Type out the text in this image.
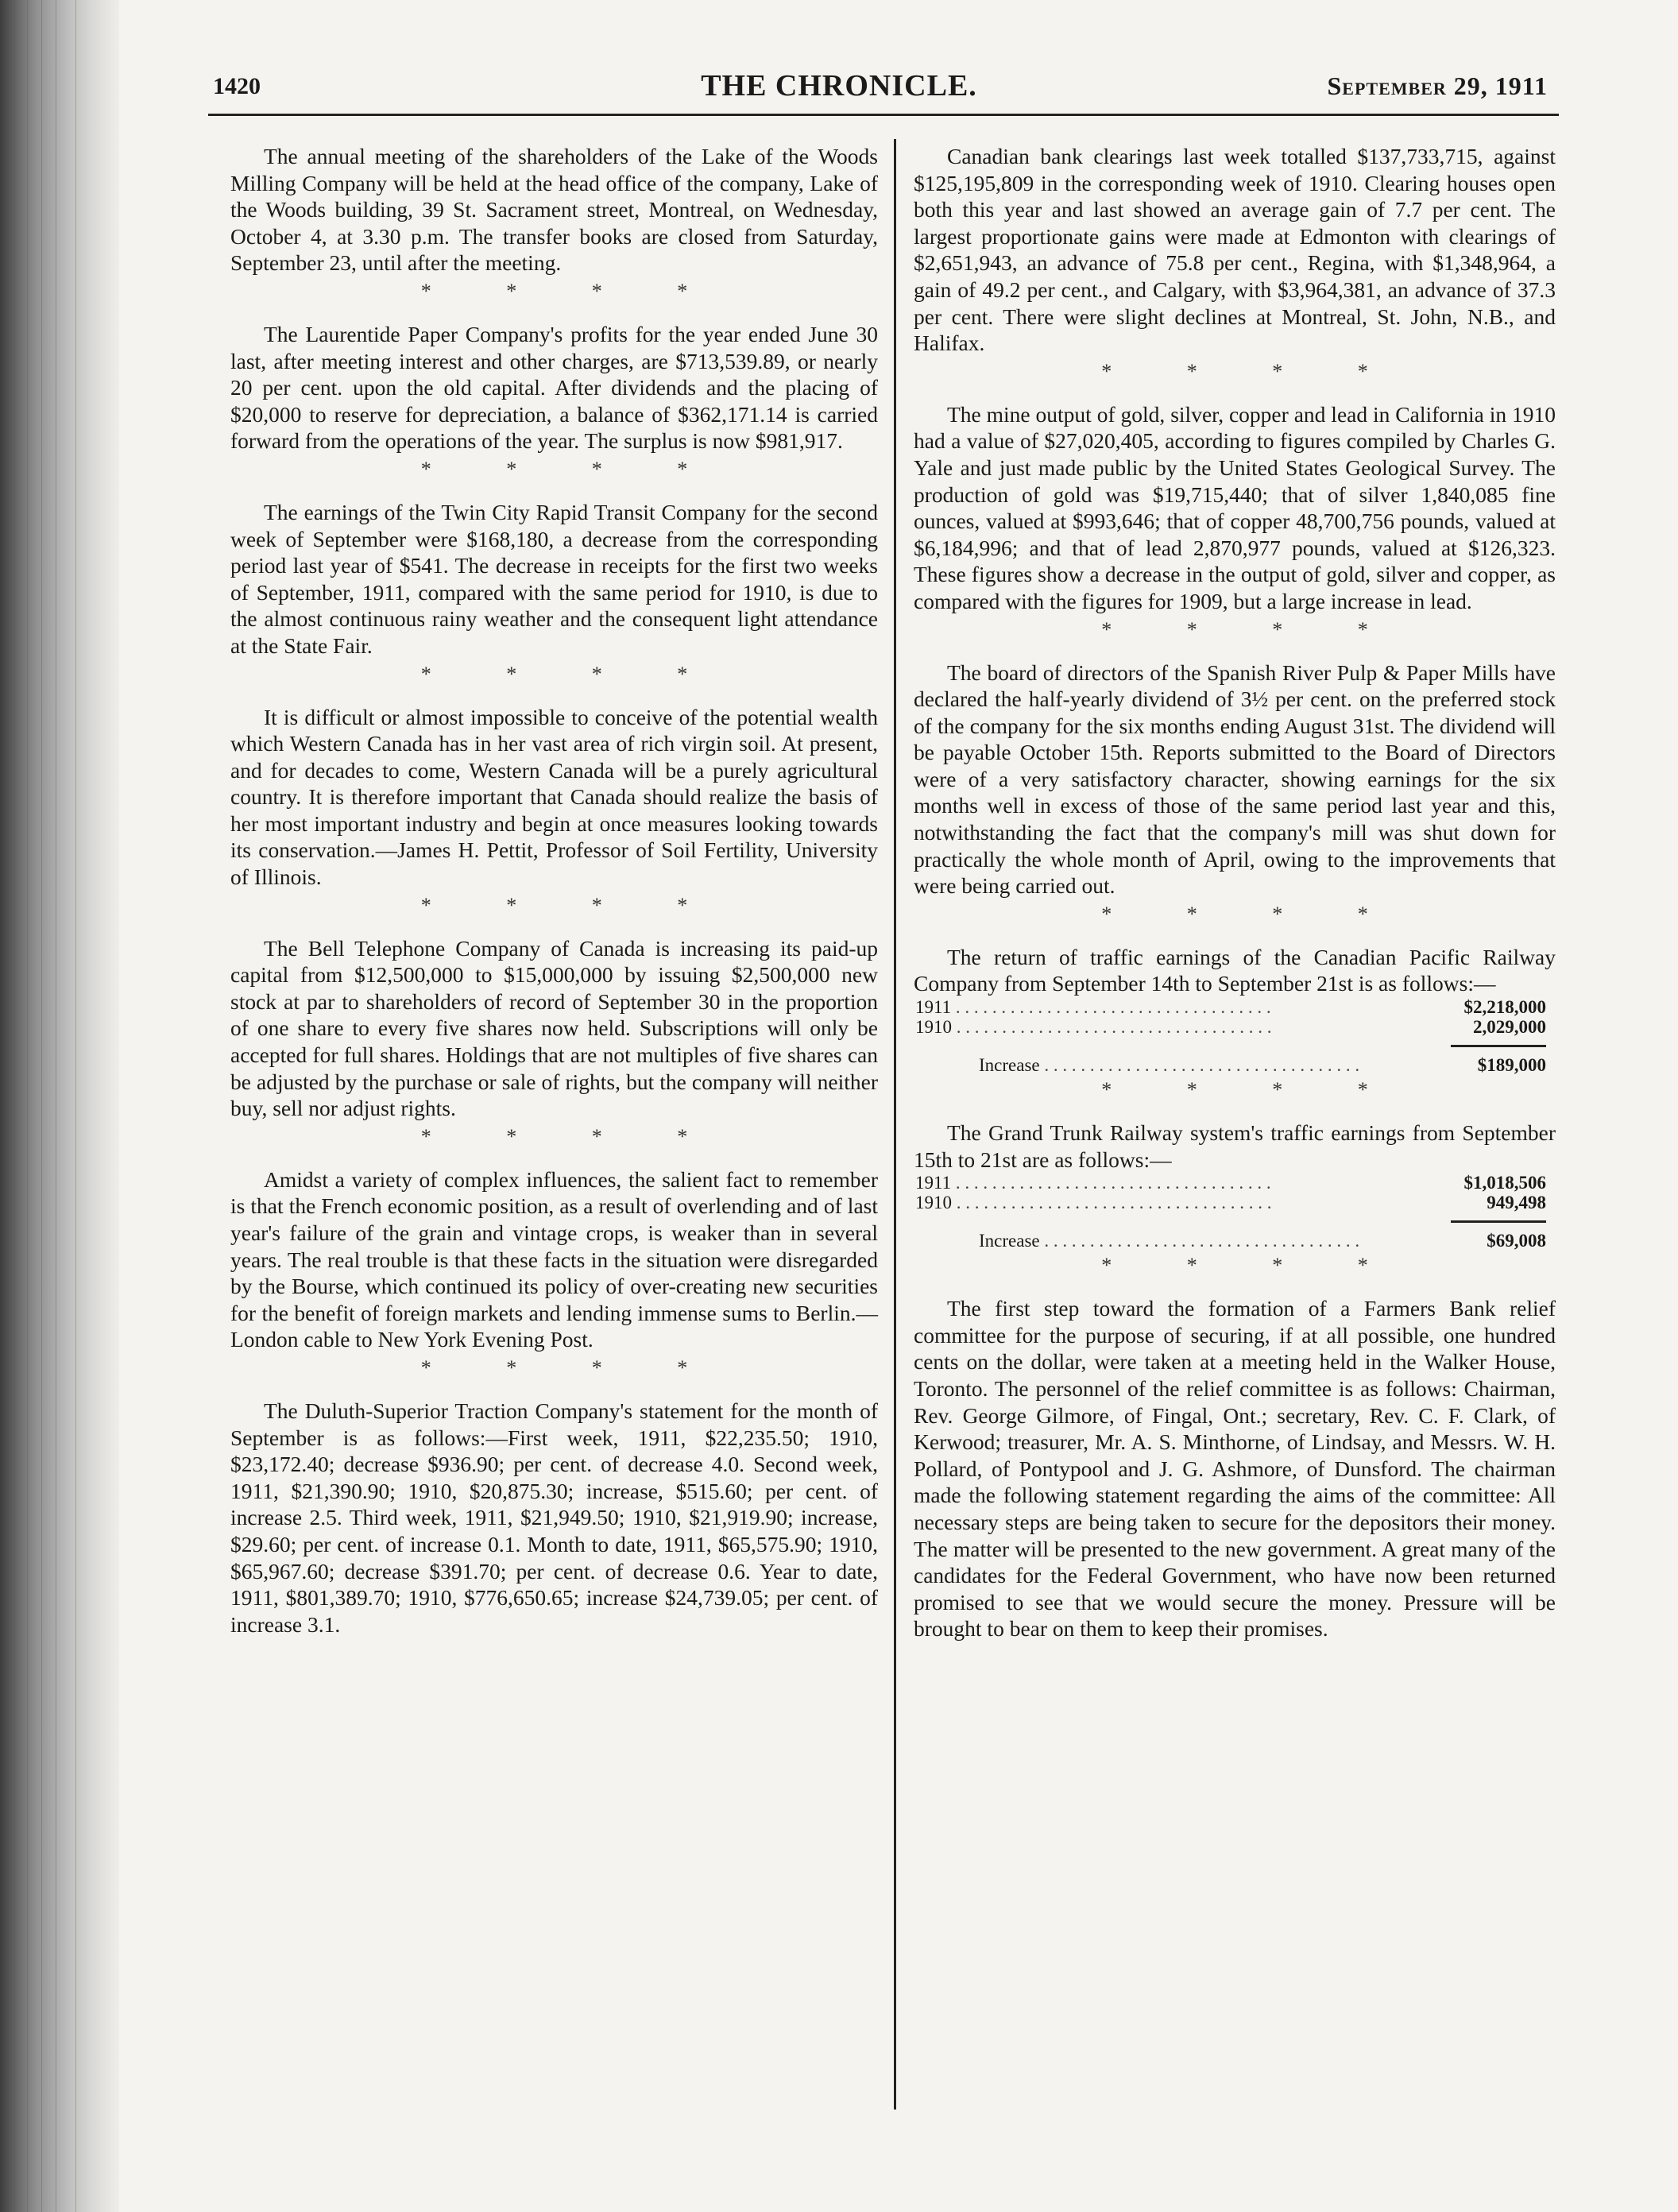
1420	THE CHRONICLE.	September 29, 1911

The annual meeting of the shareholders of the Lake of the Woods Milling Company will be held at the head office of the company, Lake of the Woods building, 39 St. Sacrament street, Montreal, on Wednesday, October 4, at 3.30 p.m. The transfer books are closed from Saturday, September 23, until after the meeting.

* * * *

The Laurentide Paper Company's profits for the year ended June 30 last, after meeting interest and other charges, are $713,539.89, or nearly 20 per cent. upon the old capital. After dividends and the placing of $20,000 to reserve for depreciation, a balance of $362,171.14 is carried forward from the operations of the year. The surplus is now $981,917.

* * * *

The earnings of the Twin City Rapid Transit Company for the second week of September were $168,180, a decrease from the corresponding period last year of $541. The decrease in receipts for the first two weeks of September, 1911, compared with the same period for 1910, is due to the almost continuous rainy weather and the consequent light attendance at the State Fair.

* * * *

It is difficult or almost impossible to conceive of the potential wealth which Western Canada has in her vast area of rich virgin soil. At present, and for decades to come, Western Canada will be a purely agricultural country. It is therefore important that Canada should realize the basis of her most important industry and begin at once measures looking towards its conservation.—James H. Pettit, Professor of Soil Fertility, University of Illinois.

* * * *

The Bell Telephone Company of Canada is increasing its paid-up capital from $12,500,000 to $15,000,000 by issuing $2,500,000 new stock at par to shareholders of record of September 30 in the proportion of one share to every five shares now held. Subscriptions will only be accepted for full shares. Holdings that are not multiples of five shares can be adjusted by the purchase or sale of rights, but the company will neither buy, sell nor adjust rights.

* * * *

Amidst a variety of complex influences, the salient fact to remember is that the French economic position, as a result of overlending and of last year's failure of the grain and vintage crops, is weaker than in several years. The real trouble is that these facts in the situation were disregarded by the Bourse, which continued its policy of over-creating new securities for the benefit of foreign markets and lending immense sums to Berlin.—London cable to New York Evening Post.

* * * *

The Duluth-Superior Traction Company's statement for the month of September is as follows:—First week, 1911, $22,235.50; 1910, $23,172.40; decrease $936.90; per cent. of decrease 4.0. Second week, 1911, $21,390.90; 1910, $20,875.30; increase, $515.60; per cent. of increase 2.5. Third week, 1911, $21,949.50; 1910, $21,919.90; increase, $29.60; per cent. of increase 0.1. Month to date, 1911, $65,575.90; 1910, $65,967.60; decrease $391.70; per cent. of decrease 0.6. Year to date, 1911, $801,389.70; 1910, $776,650.65; increase $24,739.05; per cent. of increase 3.1.

Canadian bank clearings last week totalled $137,733,715, against $125,195,809 in the corresponding week of 1910. Clearing houses open both this year and last showed an average gain of 7.7 per cent. The largest proportionate gains were made at Edmonton with clearings of $2,651,943, an advance of 75.8 per cent., Regina, with $1,348,964, a gain of 49.2 per cent., and Calgary, with $3,964,381, an advance of 37.3 per cent. There were slight declines at Montreal, St. John, N.B., and Halifax.

* * * *

The mine output of gold, silver, copper and lead in California in 1910 had a value of $27,020,405, according to figures compiled by Charles G. Yale and just made public by the United States Geological Survey. The production of gold was $19,715,440; that of silver 1,840,085 fine ounces, valued at $993,646; that of copper 48,700,756 pounds, valued at $6,184,996; and that of lead 2,870,977 pounds, valued at $126,323. These figures show a decrease in the output of gold, silver and copper, as compared with the figures for 1909, but a large increase in lead.

* * * *

The board of directors of the Spanish River Pulp & Paper Mills have declared the half-yearly dividend of 3½ per cent. on the preferred stock of the company for the six months ending August 31st. The dividend will be payable October 15th. Reports submitted to the Board of Directors were of a very satisfactory character, showing earnings for the six months well in excess of those of the same period last year and this, notwithstanding the fact that the company's mill was shut down for practically the whole month of April, owing to the improvements that were being carried out.

* * * *

The return of traffic earnings of the Canadian Pacific Railway Company from September 14th to September 21st is as follows:—

1911 . . .	$2,218,000
1910 . . .	2,029,000
Increase . . .	$189,000
* * * *

The Grand Trunk Railway system's traffic earnings from September 15th to 21st are as follows:—

1911 . . .	$1,018,506
1910 . . .	949,498
Increase . . .	$69,008
* * * *

The first step toward the formation of a Farmers Bank relief committee for the purpose of securing, if at all possible, one hundred cents on the dollar, were taken at a meeting held in the Walker House, Toronto. The personnel of the relief committee is as follows: Chairman, Rev. George Gilmore, of Fingal, Ont.; secretary, Rev. C. F. Clark, of Kerwood; treasurer, Mr. A. S. Minthorne, of Lindsay, and Messrs. W. H. Pollard, of Pontypool and J. G. Ashmore, of Dunsford. The chairman made the following statement regarding the aims of the committee: All necessary steps are being taken to secure for the depositors their money. The matter will be presented to the new government. A great many of the candidates for the Federal Government, who have now been returned promised to see that we would secure the money. Pressure will be brought to bear on them to keep their promises.
